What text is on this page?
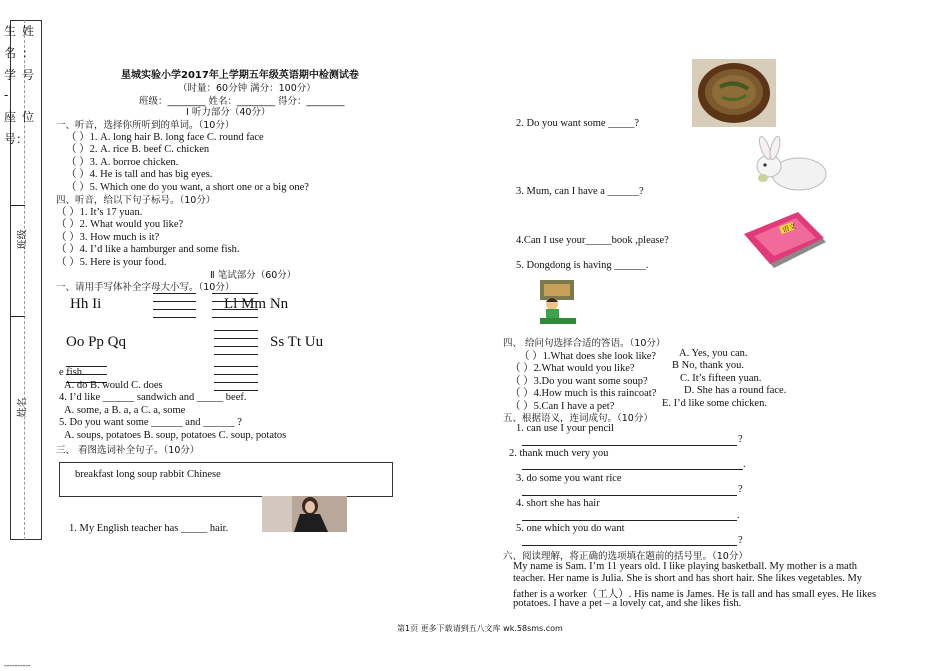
生 姓
名 ：
学 号
-
座 位
号：
班级
姓名
星城实验小学2017年上学期五年级英语期中检测试卷
（时量：60分钟 满分：100分）
班级：________ 姓名：________ 得分：________
Ⅰ 听力部分（40分）
一、听音，选择你所听到的单词。（10分）
（ ）1. A. long hair B. long face C. round face
（ ）2. A. rice B. beef C. chicken
（ ）3. A. borroe chicken.
（ ）4. He is tall and has big eyes.
（ ）5. Which one do you want, a short one or a big one?
四、听音，给以下句子标号。（10分）
（ ）1. It’s 17 yuan.
（ ）2. What would you like?
（ ）3. How much is it?
（ ）4. I’d like a hamburger and some fish.
（ ）5. Here is your food.
Ⅱ 笔试部分（60分）
一、请用手写体补全字母大小写。（10分）
Hh Ii	Ll Mm Nn
Oo Pp Qq	Ss Tt Uu
e fish.
A. do B. would C. does
4. I’d like ______ sandwich and _____ beef.
A. some, a B. a, a C. a, some
5. Do you want some ______ and ______ ?
A. soups, potatoes B. soup, potatoes C. soup, potatos
三、 看图选词补全句子。（10分）
breakfast long soup rabbit Chinese
1. My English teacher has _____ hair.
2. Do you want some _____?
3. Mum, can I have a ______?
语文
4.Can I use your_____book ,please?
5. Dongdong is having ______.
四、 给问句选择合适的答语。（10分）
（ ）1.What does she look like? A. Yes, you can.
（ ）2.What would you like?	B No, thank you.
（ ）3.Do you want some soup?	C. It’s fifteen yuan.
（ ）4.How much is this raincoat?	D. She has a round face.
（ ）5.Can I have a pet?	E. I’d like some chicken.
五、根据语义，连词成句。（10分）
1. can use I your pencil
?
2. thank much very you
.
3. do some you want rice
?
4. short she has hair
.
5. one which you do want
?
六、阅读理解，将正确的选项填在题前的括号里。（10分）
My name is Sam. I’m 11 years old. I like playing basketball. My mother is a math
teacher. Her name is Julia. She is short and has short hair. She likes vegetables. My
father is a worker（工人）. His name is James. He is tall and has small eyes. He likes
potatoes. I have a pet – a lovely cat, and she likes fish.
第1页 更多下载请到五八文库 wk.58sms.com
----------
